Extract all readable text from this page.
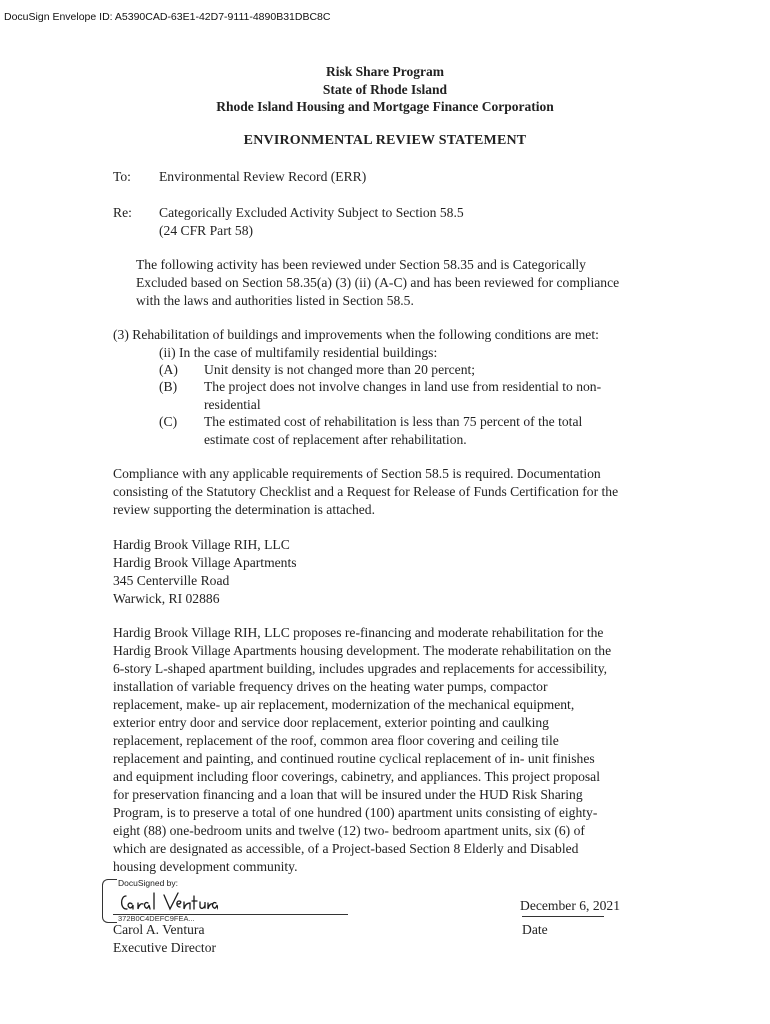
DocuSign Envelope ID: A5390CAD-63E1-42D7-9111-4890B31DBC8C
Risk Share Program
State of Rhode Island
Rhode Island Housing and Mortgage Finance Corporation
ENVIRONMENTAL REVIEW STATEMENT
To: Environmental Review Record (ERR)
Re: Categorically Excluded Activity Subject to Section 58.5
(24 CFR Part 58)
The following activity has been reviewed under Section 58.35 and is Categorically
Excluded based on Section 58.35(a) (3) (ii) (A-C) and has been reviewed for compliance
with the laws and authorities listed in Section 58.5.
(3) Rehabilitation of buildings and improvements when the following conditions are met:
(ii) In the case of multifamily residential buildings:
(A) Unit density is not changed more than 20 percent;
(B) The project does not involve changes in land use from residential to non-
residential
(C) The estimated cost of rehabilitation is less than 75 percent of the total
estimate cost of replacement after rehabilitation.
Compliance with any applicable requirements of Section 58.5 is required. Documentation
consisting of the Statutory Checklist and a Request for Release of Funds Certification for the
review supporting the determination is attached.
Hardig Brook Village RIH, LLC
Hardig Brook Village Apartments
345 Centerville Road
Warwick, RI 02886
Hardig Brook Village RIH, LLC proposes re-financing and moderate rehabilitation for the
Hardig Brook Village Apartments housing development. The moderate rehabilitation on the
6-story L-shaped apartment building, includes upgrades and replacements for accessibility,
installation of variable frequency drives on the heating water pumps, compactor
replacement, make- up air replacement, modernization of the mechanical equipment,
exterior entry door and service door replacement, exterior pointing and caulking
replacement, replacement of the roof, common area floor covering and ceiling tile
replacement and painting, and continued routine cyclical replacement of in- unit finishes
and equipment including floor coverings, cabinetry, and appliances. This project proposal
for preservation financing and a loan that will be insured under the HUD Risk Sharing
Program, is to preserve a total of one hundred (100) apartment units consisting of eighty-
eight (88) one-bedroom units and twelve (12) two- bedroom apartment units, six (6) of
which are designated as accessible, of a Project-based Section 8 Elderly and Disabled
housing development community.
DocuSigned by:
372B0C4DEFC9FEA...
Carol A. Ventura
Executive Director
December 6, 2021
Date
